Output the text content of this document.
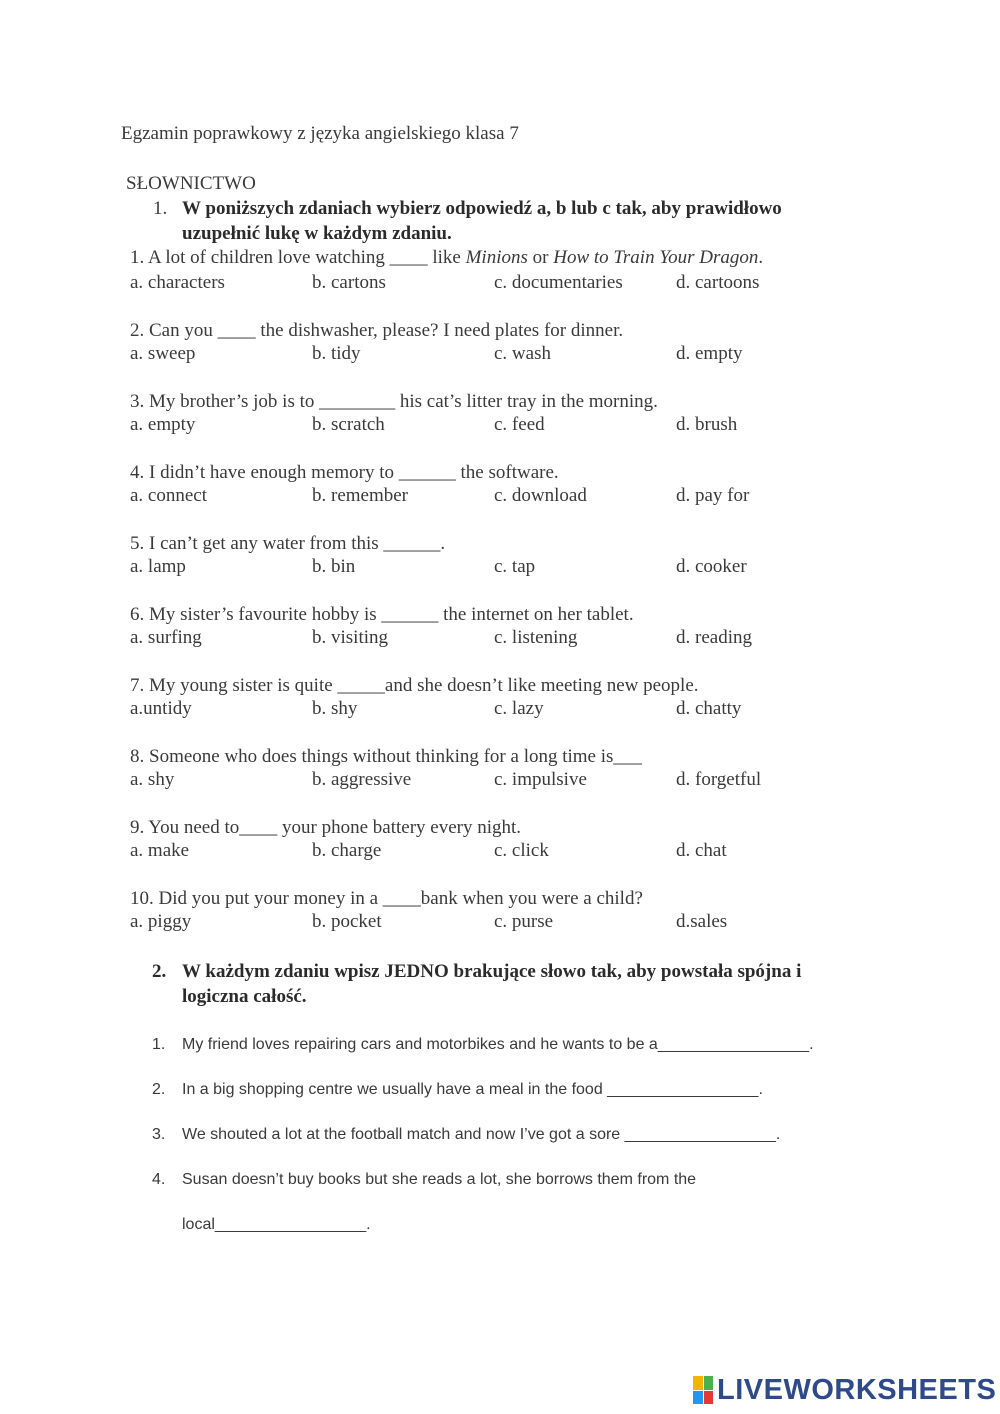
Egzamin poprawkowy z języka angielskiego klasa 7
SŁOWNICTWO
1. W poniższych zdaniach wybierz odpowiedź a, b lub c tak, aby prawidłowo
uzupełnić lukę w każdym zdaniu.
1. A lot of children love watching ____ like Minions or How to Train Your Dragon.
a. characters	b. cartons	c. documentaries	d. cartoons
2. Can you ____ the dishwasher, please? I need plates for dinner.
a. sweep	b. tidy	c. wash	d. empty
3. My brother’s job is to ________ his cat’s litter tray in the morning.
a. empty	b. scratch	c. feed	d. brush
4. I didn’t have enough memory to ______ the software.
a. connect	b. remember	c. download	d. pay for
5. I can’t get any water from this ______.
a. lamp	b. bin	c. tap	d. cooker
6. My sister’s favourite hobby is ______ the internet on her tablet.
a. surfing	b. visiting	c. listening	d. reading
7. My young sister is quite _____and she doesn’t like meeting new people.
a.untidy	b. shy	c. lazy	d. chatty
8. Someone who does things without thinking for a long time is___
a. shy	b. aggressive	c. impulsive	d. forgetful
9. You need to____ your phone battery every night.
a. make	b. charge	c. click	d. chat
10. Did you put your money in a ____bank when you were a child?
a. piggy	b. pocket	c. purse	d.sales
2. W każdym zdaniu wpisz JEDNO brakujące słowo tak, aby powstała spójna i
logiczna całość.
1. My friend loves repairing cars and motorbikes and he wants to be a_________________.
2. In a big shopping centre we usually have a meal in the food _________________.
3. We shouted a lot at the football match and now I’ve got a sore _________________.
4. Susan doesn’t buy books but she reads a lot, she borrows them from the
local_________________.
LIVEWORKSHEETS
